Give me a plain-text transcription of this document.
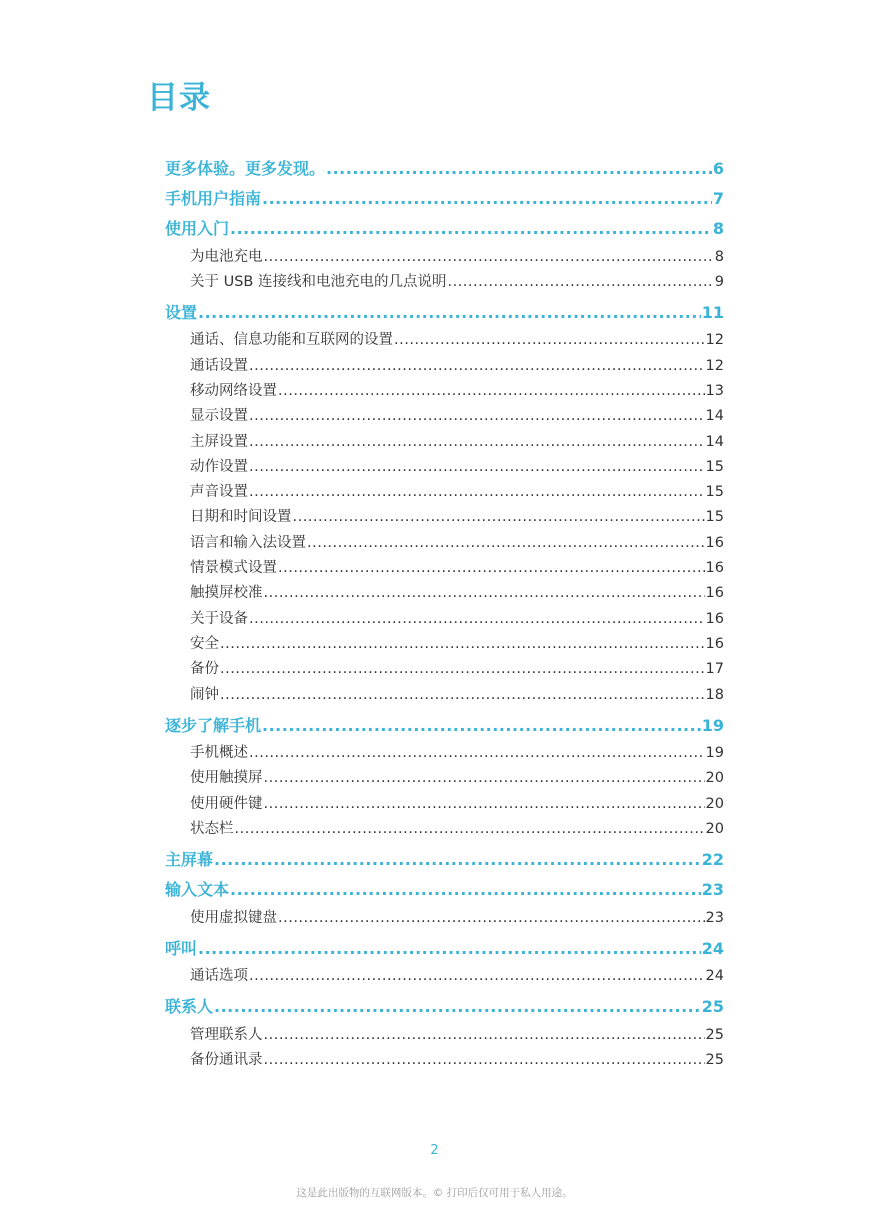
目录
更多体验。更多发现。 .....	6
手机用户指南 .....	7
使用入门 .....	8
为电池充电 .....	8
关于 USB 连接线和电池充电的几点说明 .....	9
设置 .....	11
通话、信息功能和互联网的设置 .....	12
通话设置 .....	12
移动网络设置 .....	13
显示设置 .....	14
主屏设置 .....	14
动作设置 .....	15
声音设置 .....	15
日期和时间设置 .....	15
语言和输入法设置 .....	16
情景模式设置 .....	16
触摸屏校准 .....	16
关于设备 .....	16
安全 .....	16
备份 .....	17
闹钟 .....	18
逐步了解手机 .....	19
手机概述 .....	19
使用触摸屏 .....	20
使用硬件键 .....	20
状态栏 .....	20
主屏幕 .....	22
输入文本 .....	23
使用虚拟键盘 .....	23
呼叫 .....	24
通话选项 .....	24
联系人 .....	25
管理联系人 .....	25
备份通讯录 .....	25
2
这是此出版物的互联网版本。© 打印后仅可用于私人用途。
